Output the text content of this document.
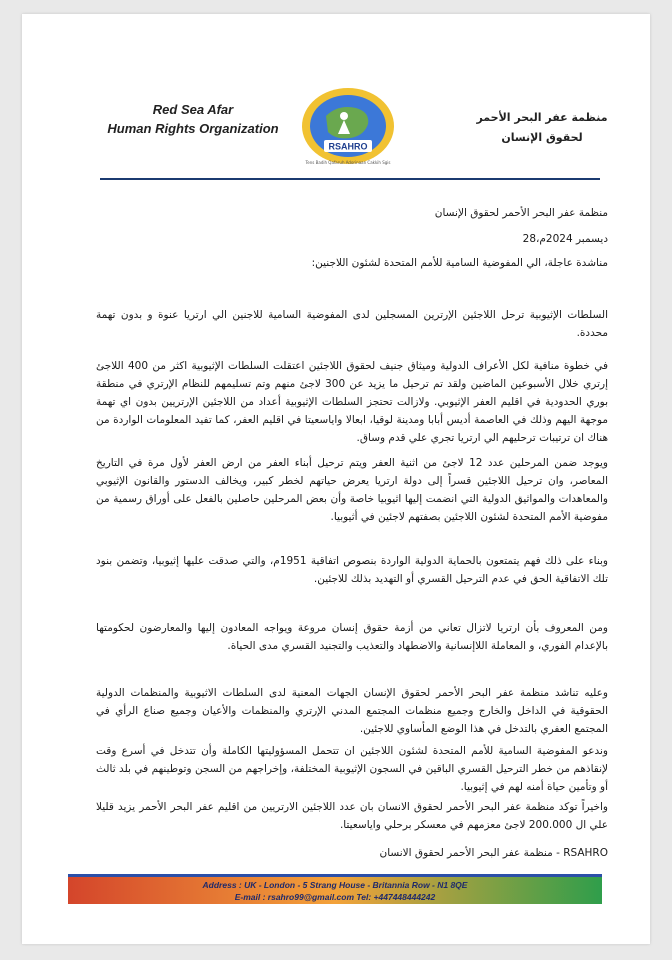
Red Sea Afar
Human Rights Organization
RSAHRO
Tens Badih Qafaruh Adorinaan Cakkih Sgis
منظمة عفر البحر الأحمر
لحقوق الإنسان

منظمة عفر البحر الأحمر لحقوق الإنسان

ديسمبر 2024م،28

مناشدة عاجلة، الي المفوضية السامية للأمم المتحدة لشئون اللاجنين:

السلطات الإثيوبية ترحل اللاجئين الإرترين المسجلين لدى المفوضية السامية للاجنين الي ارتريا عنوة و بدون تهمة محددة.

في خطوة منافية لكل الأعراف الدولية وميثاق جنيف لحقوق اللاجئين اعتقلت السلطات الإثيوبية اكثر من 400 اللاجئ إرتري خلال الأسبوعين الماضين ولقد تم ترحيل ما يزيد عن 300 لاجئ منهم وتم تسليمهم للنظام الإرتري في منطقة بوري الحدودية في اقليم العفر الإثيوبي. ولازالت تحتجز السلطات الإثيوبية أعداد من اللاجئين الإرتريين بدون اي تهمة موجهة اليهم وذلك في العاصمة أديس أبابا ومدينة لوقيا، ابعالا واياسعيتا في اقليم العفر، كما تفيد المعلومات الواردة من هناك ان ترتيبات ترحليهم الي ارتريا تجري علي قدم وساق.

ويوجد ضمن المرحلين عدد 12 لاجئ من اثنية العفر ويتم ترحيل أبناء العفر من ارض العفر لأول مرة في التاريخ المعاصر، وان ترحيل اللاجئين قسراً إلى دولة ارتريا يعرض حياتهم لخطر كبير، ويخالف الدستور والقانون الإثيوبي والمعاهدات والمواثيق الدولية التي انضمت إليها اثيوبيا خاصة وأن بعض المرحلين حاصلين بالفعل على أوراق رسمية من مفوضية الأمم المتحدة لشئون اللاجئين بصفتهم لاجئين في أثيوبيا.

وبناء على ذلك فهم يتمتعون بالحماية الدولية الواردة بنصوص اتفاقية 1951م، والتي صدقت عليها إثيوبيا، وتضمن بنود تلك الاتفاقية الحق في عدم الترحيل القسري أو التهديد بذلك للاجئين.

ومن المعروف بأن ارتريا لاتزال تعاني من أزمة حقوق إنسان مروعة ويواجه المعادون إليها والمعارضون لحكومتها بالإعدام الفوري، و المعاملة اللاإنسانية والاضطهاد والتعذيب والتجنيد القسري مدى الحياة.

وعليه تناشد منظمة عفر البحر الأحمر لحقوق الإنسان الجهات المعنية لدى السلطات الاثيوبية والمنظمات الدولية الحقوقية في الداخل والخارج وجميع منظمات المجتمع المدني الإرتري والمنظمات والأعيان وجميع صناع الرأي في المجتمع العفري بالتدخل في هذا الوضع المأساوي للاجئين.

وندعو المفوضية السامية للأمم المتحدة لشئون اللاجئين ان تتحمل المسؤوليتها الكاملة وأن تتدخل في أسرع وقت لإنقاذهم من خطر الترحيل القسري الباقين في السجون الإثيوبية المختلفة، وإخراجهم من السجن وتوطينهم في بلد ثالث أو وتأمين حياة أمنه لهم في إثيوبيا.

واخيراً توكد منظمة عفر البحر الأحمر لحقوق الانسان بان عدد اللاجئين الارتريين من اقليم عفر البحر الأحمر يزيد قليلا علي ال 200.000 لاجئ معزمهم في معسكر برحلي واياسعيتا.

RSAHRO - منظمة عفر البحر الأحمر لحقوق الانسان

Address : UK - London - 5 Strang House - Britannia Row - N1 8QE
E-mail : rsahro99@gmail.com Tel: +447448444242
